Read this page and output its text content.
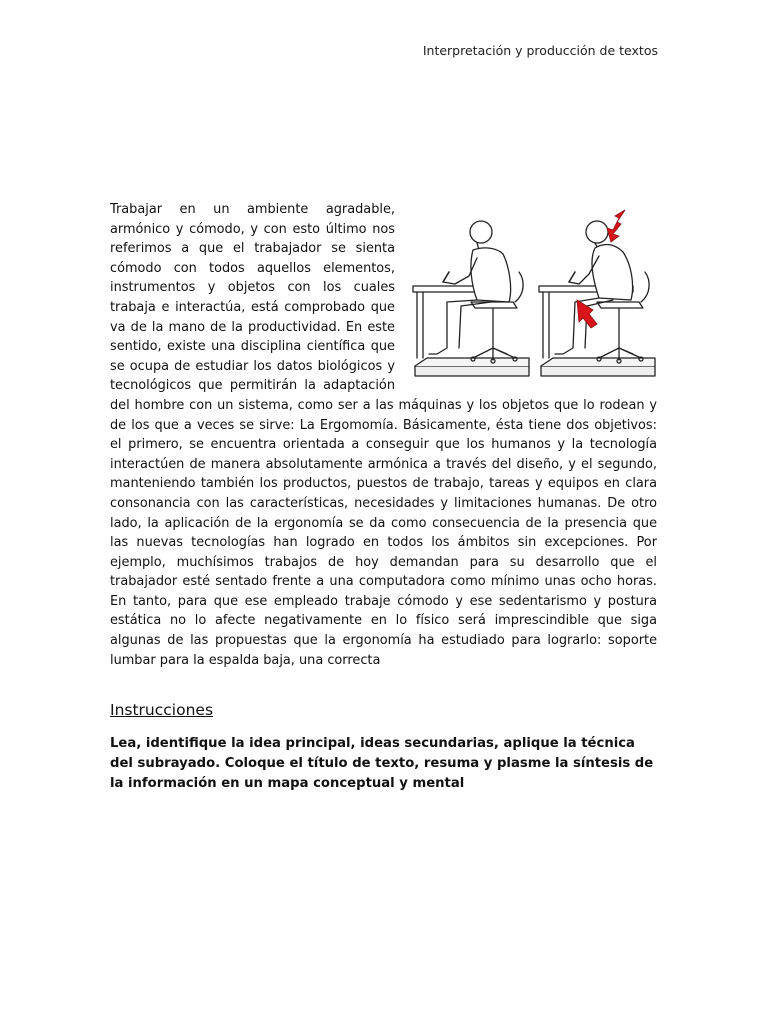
Interpretación y producción de textos
Trabajar en un ambiente agradable, armónico y cómodo, y con esto último nos referimos a que el trabajador se sienta cómodo con todos aquellos elementos, instrumentos y objetos con los cuales trabaja e interactúa, está comprobado que va de la mano de la productividad. En este sentido, existe una disciplina científica que se ocupa de estudiar los datos biológicos y tecnológicos que permitirán la adaptación del hombre con un sistema, como ser a las máquinas y los objetos que lo rodean y de los que a veces se sirve: La Ergomomía. Básicamente, ésta tiene dos objetivos: el primero, se encuentra orientada a conseguir que los humanos y la tecnología interactúen de manera absolutamente armónica a través del diseño, y el segundo, manteniendo también los productos, puestos de trabajo, tareas y equipos en clara consonancia con las características, necesidades y limitaciones humanas. De otro lado, la aplicación de la ergonomía se da como consecuencia de la presencia que las nuevas tecnologías han logrado en todos los ámbitos sin excepciones. Por ejemplo, muchísimos trabajos de hoy demandan para su desarrollo que el trabajador esté sentado frente a una computadora como mínimo unas ocho horas. En tanto, para que ese empleado trabaje cómodo y ese sedentarismo y postura estática no lo afecte negativamente en lo físico será imprescindible que siga algunas de las propuestas que la ergonomía ha estudiado para lograrlo: soporte lumbar para la espalda baja, una correcta
Instrucciones
Lea, identifique la idea principal, ideas secundarias, aplique la técnica del subrayado. Coloque el título de texto, resuma y plasme la síntesis de la información en un mapa conceptual y mental
